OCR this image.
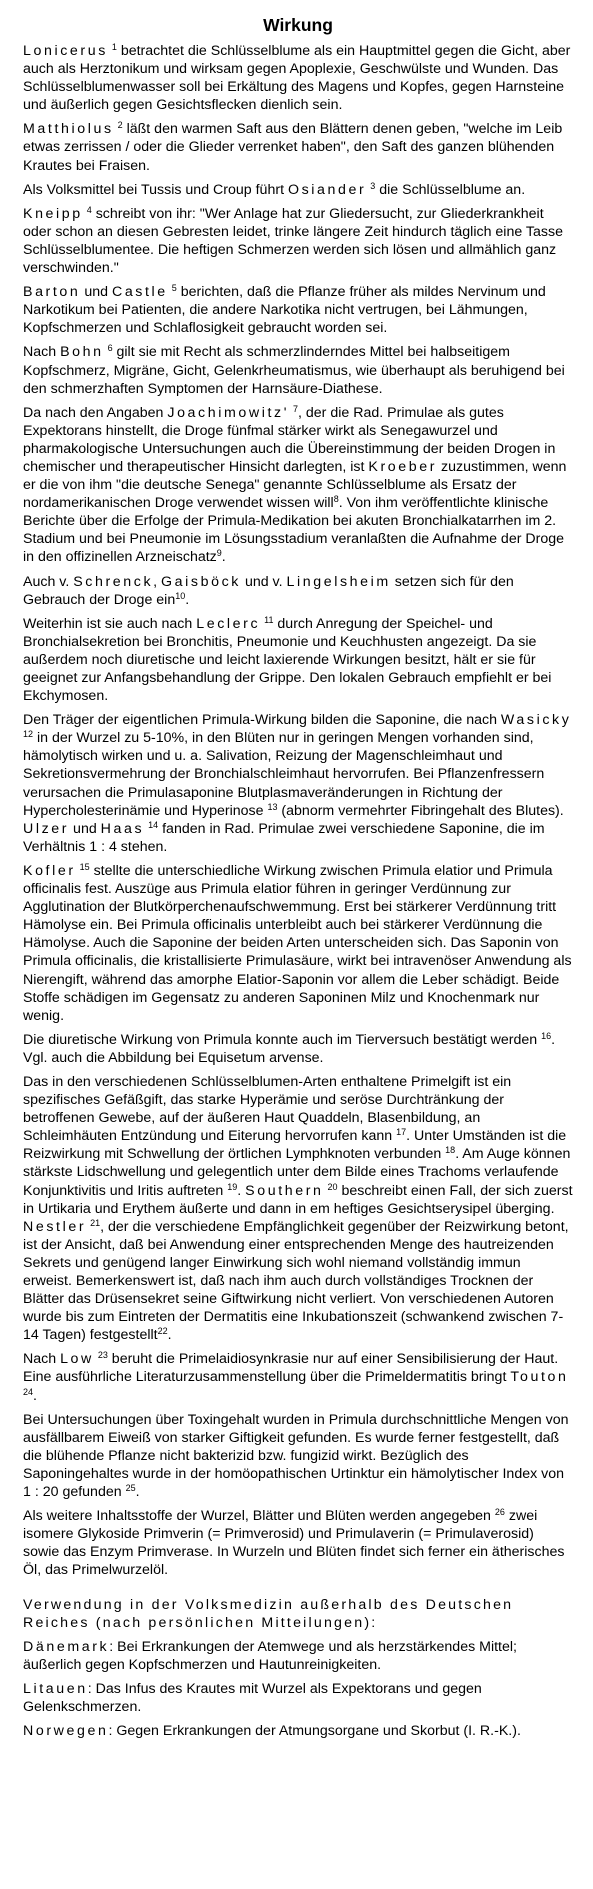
Wirkung

Lonicerus $^1$ betrachtet die Schlüsselblume als ein Hauptmittel gegen die Gicht, aber auch als Herztonikum und wirksam gegen Apoplexie, Geschwülste und Wunden. Das Schlüsselblumenwasser soll bei Erkältung des Magens und Kopfes, gegen Harnsteine und äußerlich gegen Gesichtsflecken dienlich sein.

Matthiolus $^2$ läßt den warmen Saft aus den Blättern denen geben, "welche im Leib etwas zerrissen / oder die Glieder verrenket haben", den Saft des ganzen blühenden Krautes bei Fraisen.

Als Volksmittel bei Tussis und Croup führt Osiander $^3$ die Schlüsselblume an.

Kneipp $^4$ schreibt von ihr: "Wer Anlage hat zur Gliedersucht, zur Gliederkrankheit oder schon an diesen Gebresten leidet, trinke längere Zeit hindurch täglich eine Tasse Schlüsselblumentee. Die heftigen Schmerzen werden sich lösen und allmählich ganz verschwinden."

Barton und Castle $^5$ berichten, daß die Pflanze früher als mildes Nervinum und Narkotikum bei Patienten, die andere Narkotika nicht vertrugen, bei Lähmungen, Kopfschmerzen und Schlaflosigkeit gebraucht worden sei.

Nach Bohn $^6$ gilt sie mit Recht als schmerzlinderndes Mittel bei halbseitigem Kopfschmerz, Migräne, Gicht, Gelenkrheumatismus, wie überhaupt als beruhigend bei den schmerzhaften Symptomen der Harnsäure-Diathese.

Da nach den Angaben Joachimowitz' $^7$, der die Rad. Primulae als gutes Expektorans hinstellt, die Droge fünfmal stärker wirkt als Senegawurzel und pharmakologische Untersuchungen auch die Übereinstimmung der beiden Drogen in chemischer und therapeutischer Hinsicht darlegten, ist Kroeber zuzustimmen, wenn er die von ihm "die deutsche Senega" genannte Schlüsselblume als Ersatz der nordamerikanischen Droge verwendet wissen will$^8$. Von ihm veröffentlichte klinische Berichte über die Erfolge der Primula-Medikation bei akuten Bronchialkatarrhen im 2. Stadium und bei Pneumonie im Lösungsstadium veranlaßten die Aufnahme der Droge in den offizinellen Arzneischatz$^9$.

Auch v. Schrenck, Gaisböck und v. Lingelsheim setzen sich für den Gebrauch der Droge ein$^{10}$.

Weiterhin ist sie auch nach Leclerc $^{11}$ durch Anregung der Speichel- und Bronchialsekretion bei Bronchitis, Pneumonie und Keuchhusten angezeigt. Da sie außerdem noch diuretische und leicht laxierende Wirkungen besitzt, hält er sie für geeignet zur Anfangsbehandlung der Grippe. Den lokalen Gebrauch empfiehlt er bei Ekchymosen.

Den Träger der eigentlichen Primula-Wirkung bilden die Saponine, die nach Wasicky $^{12}$ in der Wurzel zu 5-10%, in den Blüten nur in geringen Mengen vorhanden sind, hämolytisch wirken und u. a. Salivation, Reizung der Magenschleimhaut und Sekretionsvermehrung der Bronchialschleimhaut hervorrufen. Bei Pflanzenfressern verursachen die Primulasaponine Blutplasmaveränderungen in Richtung der Hypercholesterinämie und Hyperinose $^{13}$ (abnorm vermehrter Fibringehalt des Blutes). Ulzer und Haas $^{14}$ fanden in Rad. Primulae zwei verschiedene Saponine, die im Verhältnis 1 : 4 stehen.

Kofler $^{15}$ stellte die unterschiedliche Wirkung zwischen Primula elatior und Primula officinalis fest. Auszüge aus Primula elatior führen in geringer Verdünnung zur Agglutination der Blutkörperchenaufschwemmung. Erst bei stärkerer Verdünnung tritt Hämolyse ein. Bei Primula officinalis unterbleibt auch bei stärkerer Verdünnung die Hämolyse. Auch die Saponine der beiden Arten unterscheiden sich. Das Saponin von Primula officinalis, die kristallisierte Primulasäure, wirkt bei intravenöser Anwendung als Nierengift, während das amorphe Elatior-Saponin vor allem die Leber schädigt. Beide Stoffe schädigen im Gegensatz zu anderen Saponinen Milz und Knochenmark nur wenig.

Die diuretische Wirkung von Primula konnte auch im Tierversuch bestätigt werden $^{16}$. Vgl. auch die Abbildung bei Equisetum arvense.

Das in den verschiedenen Schlüsselblumen-Arten enthaltene Primelgift ist ein spezifisches Gefäßgift, das starke Hyperämie und seröse Durchtränkung der betroffenen Gewebe, auf der äußeren Haut Quaddeln, Blasenbildung, an Schleimhäuten Entzündung und Eiterung hervorrufen kann $^{17}$. Unter Umständen ist die Reizwirkung mit Schwellung der örtlichen Lymphknoten verbunden $^{18}$. Am Auge können stärkste Lidschwellung und gelegentlich unter dem Bilde eines Trachoms verlaufende Konjunktivitis und Iritis auftreten $^{19}$. Southern $^{20}$ beschreibt einen Fall, der sich zuerst in Urtikaria und Erythem äußerte und dann in em heftiges Gesichtserysipel überging. Nestler $^{21}$, der die verschiedene Empfänglichkeit gegenüber der Reizwirkung betont, ist der Ansicht, daß bei Anwendung einer entsprechenden Menge des hautreizenden Sekrets und genügend langer Einwirkung sich wohl niemand vollständig immun erweist. Bemerkenswert ist, daß nach ihm auch durch vollständiges Trocknen der Blätter das Drüsensekret seine Giftwirkung nicht verliert. Von verschiedenen Autoren wurde bis zum Eintreten der Dermatitis eine Inkubationszeit (schwankend zwischen 7-14 Tagen) festgestellt$^{22}$.

Nach Low $^{23}$ beruht die Primelaidiosynkrasie nur auf einer Sensibilisierung der Haut. Eine ausführliche Literaturzusammenstellung über die Primeldermatitis bringt Touton $^{24}$.

Bei Untersuchungen über Toxingehalt wurden in Primula durchschnittliche Mengen von ausfällbarem Eiweiß von starker Giftigkeit gefunden. Es wurde ferner festgestellt, daß die blühende Pflanze nicht bakterizid bzw. fungizid wirkt. Bezüglich des Saponingehaltes wurde in der homöopathischen Urtinktur ein hämolytischer Index von 1 : 20 gefunden $^{25}$.

Als weitere Inhaltsstoffe der Wurzel, Blätter und Blüten werden angegeben $^{26}$ zwei isomere Glykoside Primverin (= Primverosid) und Primulaverin (= Primulaverosid) sowie das Enzym Primverase. In Wurzeln und Blüten findet sich ferner ein ätherisches Öl, das Primelwurzelöl.

Verwendung in der Volksmedizin außerhalb des Deutschen Reiches (nach persönlichen Mitteilungen):

Dänemark: Bei Erkrankungen der Atemwege und als herzstärkendes Mittel; äußerlich gegen Kopfschmerzen und Hautunreinigkeiten.

Litauen: Das Infus des Krautes mit Wurzel als Expektorans und gegen Gelenkschmerzen.

Norwegen: Gegen Erkrankungen der Atmungsorgane und Skorbut (I. R.-K.).
